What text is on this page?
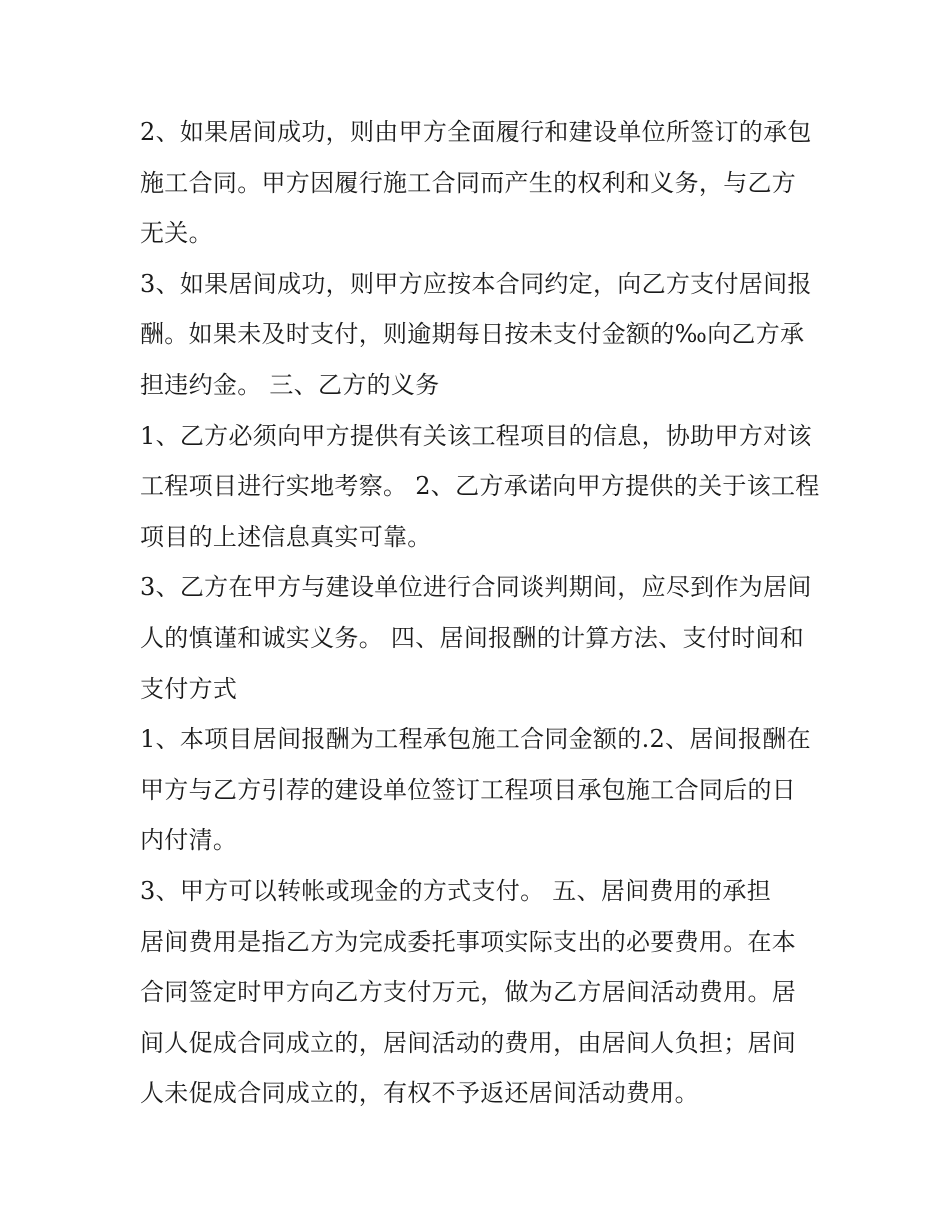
2、如果居间成功，则由甲方全面履行和建设单位所签订的承包施工合同。甲方因履行施工合同而产生的权利和义务，与乙方无关。

3、如果居间成功，则甲方应按本合同约定，向乙方支付居间报酬。如果未及时支付，则逾期每日按未支付金额的‰向乙方承担违约金。 三、乙方的义务

1、乙方必须向甲方提供有关该工程项目的信息，协助甲方对该工程项目进行实地考察。 2、乙方承诺向甲方提供的关于该工程项目的上述信息真实可靠。

3、乙方在甲方与建设单位进行合同谈判期间，应尽到作为居间人的慎谨和诚实义务。 四、居间报酬的计算方法、支付时间和支付方式

1、本项目居间报酬为工程承包施工合同金额的.2、居间报酬在甲方与乙方引荐的建设单位签订工程项目承包施工合同后的日内付清。

3、甲方可以转帐或现金的方式支付。 五、居间费用的承担

居间费用是指乙方为完成委托事项实际支出的必要费用。在本合同签定时甲方向乙方支付万元，做为乙方居间活动费用。居间人促成合同成立的，居间活动的费用，由居间人负担；居间人未促成合同成立的，有权不予返还居间活动费用。
